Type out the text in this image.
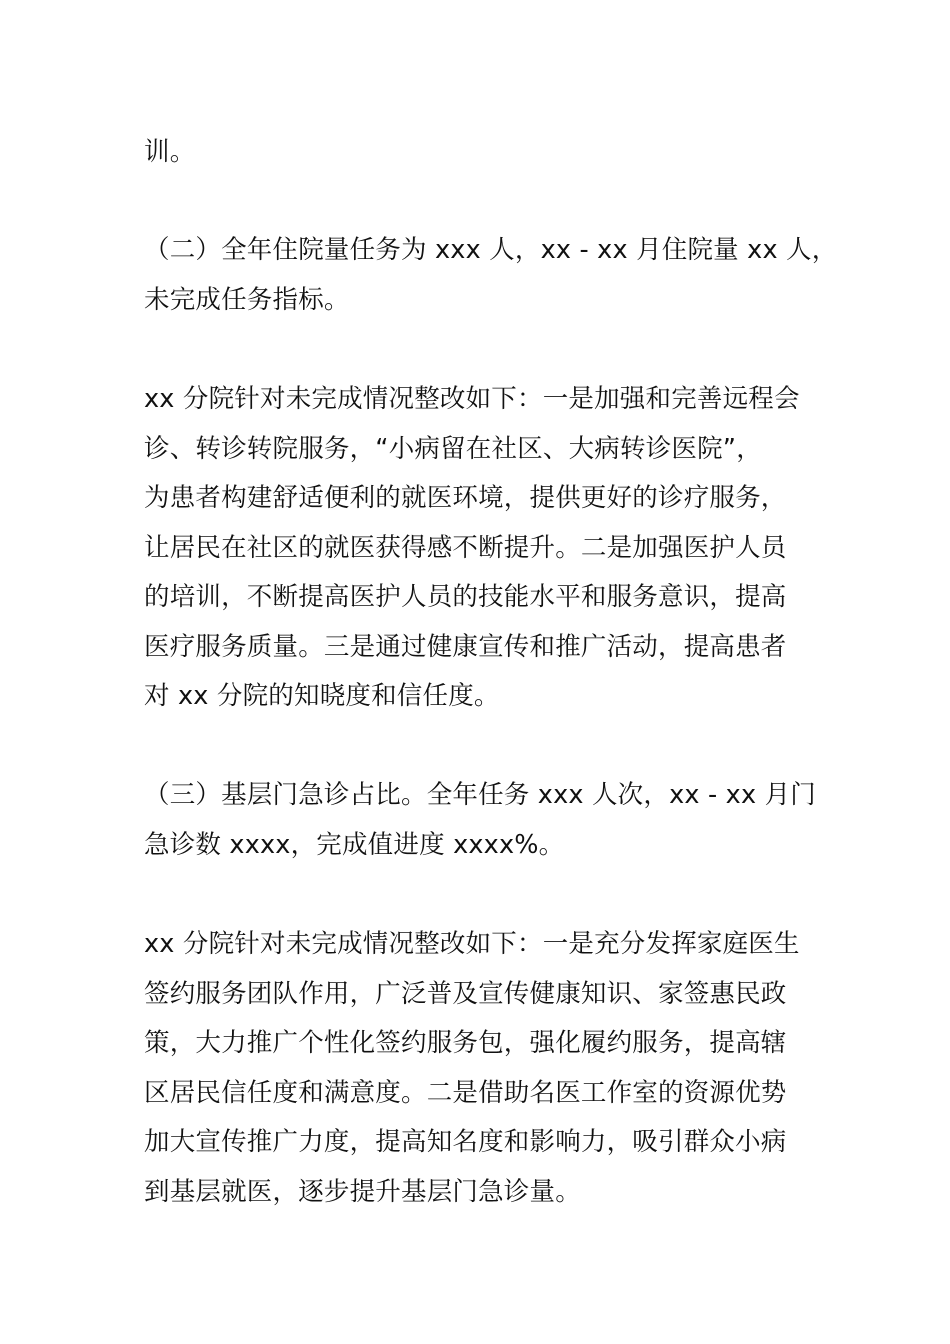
训。

（二）全年住院量任务为 xxx 人，xx - xx 月住院量 xx 人，
未完成任务指标。

xx 分院针对未完成情况整改如下：一是加强和完善远程会
诊、转诊转院服务，“小病留在社区、大病转诊医院”，
为患者构建舒适便利的就医环境，提供更好的诊疗服务，
让居民在社区的就医获得感不断提升。二是加强医护人员
的培训，不断提高医护人员的技能水平和服务意识，提高
医疗服务质量。三是通过健康宣传和推广活动，提高患者
对 xx 分院的知晓度和信任度。

（三）基层门急诊占比。全年任务 xxx 人次，xx - xx 月门
急诊数 xxxx，完成值进度 xxxx%。

xx 分院针对未完成情况整改如下：一是充分发挥家庭医生
签约服务团队作用，广泛普及宣传健康知识、家签惠民政
策，大力推广个性化签约服务包，强化履约服务，提高辖
区居民信任度和满意度。二是借助名医工作室的资源优势
加大宣传推广力度，提高知名度和影响力，吸引群众小病
到基层就医，逐步提升基层门急诊量。
